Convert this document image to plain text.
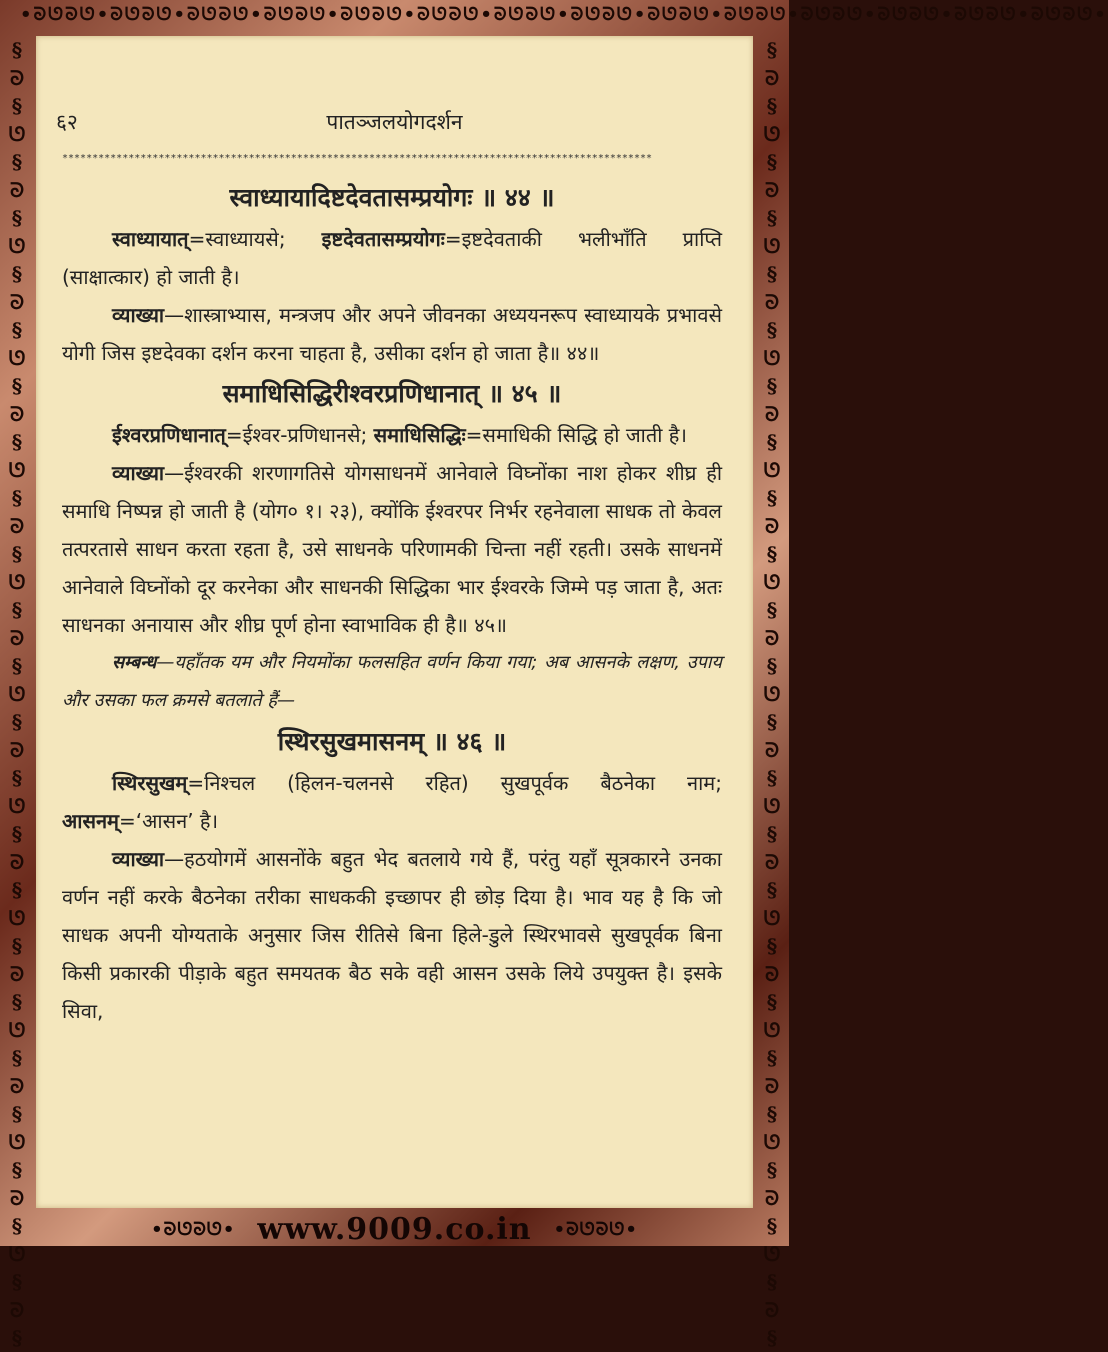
•ᘐᘎᘐᘎ•ᘐᘎᘐᘎ•ᘐᘎᘐᘎ•ᘐᘎᘐᘎ•ᘐᘎᘐᘎ•ᘐᘎᘐᘎ•ᘐᘎᘐᘎ•ᘐᘎᘐᘎ•ᘐᘎᘐᘎ•ᘐᘎᘐᘎ•ᘐᘎᘐᘎ•ᘐᘎᘐᘎ•ᘐᘎᘐᘎ•ᘐᘎᘐᘎ•
§
ᘐ
§
ᘎ
§
ᘐ
§
ᘎ
§
ᘐ
§
ᘎ
§
ᘐ
§
ᘎ
§
ᘐ
§
ᘎ
§
ᘐ
§
ᘎ
§
ᘐ
§
ᘎ
§
ᘐ
§
ᘎ
§
ᘐ
§
ᘎ
§
ᘐ
§
ᘎ
§
ᘐ
§
ᘎ
§
ᘐ
§
§
ᘐ
§
ᘎ
§
ᘐ
§
ᘎ
§
ᘐ
§
ᘎ
§
ᘐ
§
ᘎ
§
ᘐ
§
ᘎ
§
ᘐ
§
ᘎ
§
ᘐ
§
ᘎ
§
ᘐ
§
ᘎ
§
ᘐ
§
ᘎ
§
ᘐ
§
ᘎ
§
ᘐ
§
ᘎ
§
ᘐ
§
पातञ्जलयोगदर्शन
६२
**************************************************************************************************

स्वाध्यायादिष्टदेवतासम्प्रयोगः ॥ ४४ ॥

स्वाध्यायात्=स्वाध्यायसे; इष्टदेवतासम्प्रयोगः=इष्टदेवताकी भलीभाँति प्राप्ति (साक्षात्कार) हो जाती है।

व्याख्या—शास्त्राभ्यास, मन्त्रजप और अपने जीवनका अध्ययनरूप स्वाध्यायके प्रभावसे योगी जिस इष्टदेवका दर्शन करना चाहता है, उसीका दर्शन हो जाता है॥ ४४॥

समाधिसिद्धिरीश्वरप्रणिधानात् ॥ ४५ ॥

ईश्वरप्रणिधानात्=ईश्वर-प्रणिधानसे; समाधिसिद्धिः=समाधिकी सिद्धि हो जाती है।

व्याख्या—ईश्वरकी शरणागतिसे योगसाधनमें आनेवाले विघ्नोंका नाश होकर शीघ्र ही समाधि निष्पन्न हो जाती है (योग० १। २३), क्योंकि ईश्वरपर निर्भर रहनेवाला साधक तो केवल तत्परतासे साधन करता रहता है, उसे साधनके परिणामकी चिन्ता नहीं रहती। उसके साधनमें आनेवाले विघ्नोंको दूर करनेका और साधनकी सिद्धिका भार ईश्वरके जिम्मे पड़ जाता है, अतः साधनका अनायास और शीघ्र पूर्ण होना स्वाभाविक ही है॥ ४५॥

सम्बन्ध—यहाँतक यम और नियमोंका फलसहित वर्णन किया गया; अब आसनके लक्षण, उपाय और उसका फल क्रमसे बतलाते हैं—

स्थिरसुखमासनम् ॥ ४६ ॥

स्थिरसुखम्=निश्चल (हिलन-चलनसे रहित) सुखपूर्वक बैठनेका नाम; आसनम्=‘आसन’ है।

व्याख्या—हठयोगमें आसनोंके बहुत भेद बतलाये गये हैं, परंतु यहाँ सूत्रकारने उनका वर्णन नहीं करके बैठनेका तरीका साधककी इच्छापर ही छोड़ दिया है। भाव यह है कि जो साधक अपनी योग्यताके अनुसार जिस रीतिसे बिना हिले-डुले स्थिरभावसे सुखपूर्वक बिना किसी प्रकारकी पीड़ाके बहुत समयतक बैठ सके वही आसन उसके लिये उपयुक्त है। इसके सिवा,

•ᘐᘎᘐᘎ• www.9009.co.in •ᘐᘎᘐᘎ•
